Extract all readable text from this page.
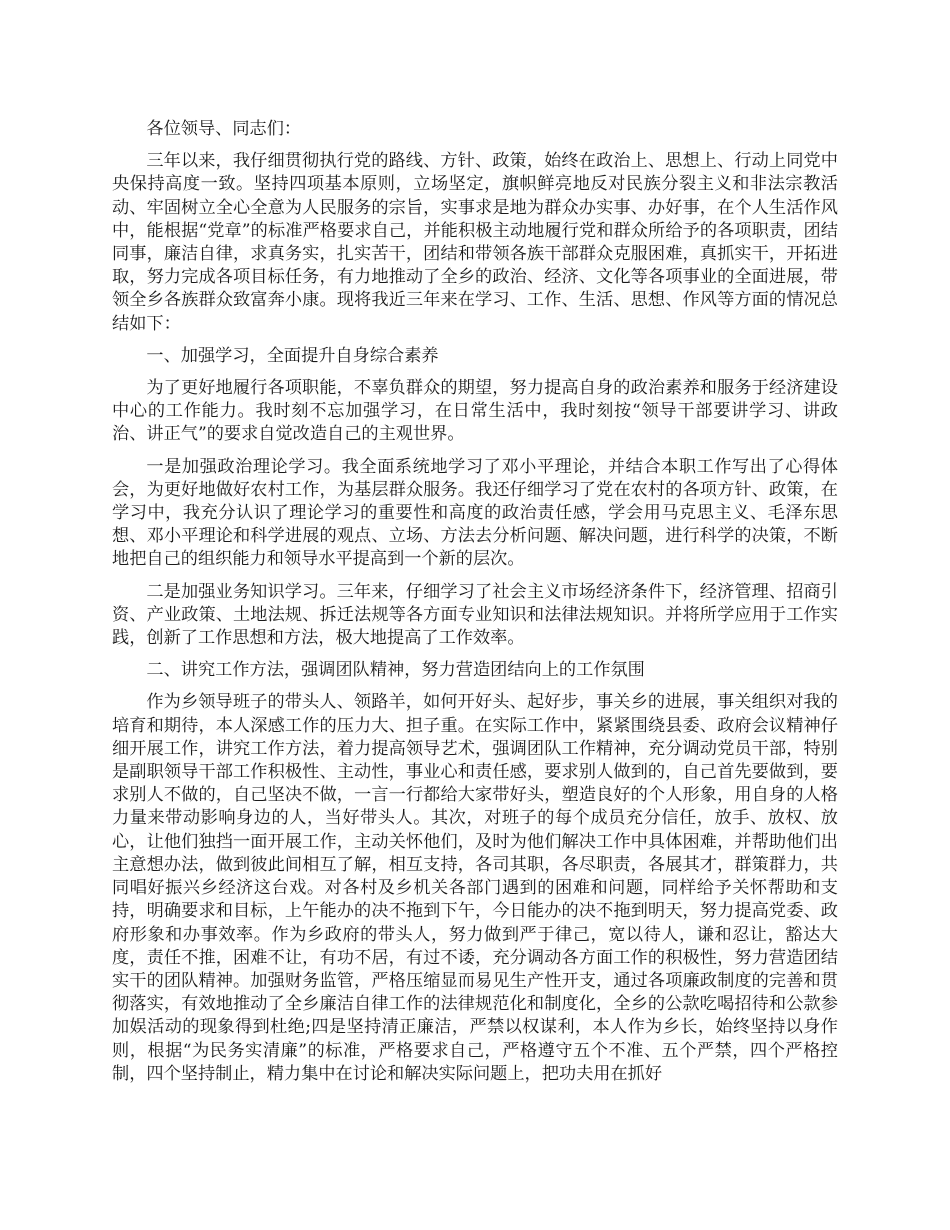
各位领导、同志们：

三年以来，我仔细贯彻执行党的路线、方针、政策，始终在政治上、思想上、行动上同党中央保持高度一致。坚持四项基本原则，立场坚定，旗帜鲜亮地反对民族分裂主义和非法宗教活动、牢固树立全心全意为人民服务的宗旨，实事求是地为群众办实事、办好事，在个人生活作风中，能根据“党章”的标准严格要求自己，并能积极主动地履行党和群众所给予的各项职责，团结同事，廉洁自律，求真务实，扎实苦干，团结和带领各族干部群众克服困难，真抓实干，开拓进取，努力完成各项目标任务，有力地推动了全乡的政治、经济、文化等各项事业的全面进展，带领全乡各族群众致富奔小康。现将我近三年来在学习、工作、生活、思想、作风等方面的情况总结如下：

一、加强学习，全面提升自身综合素养

为了更好地履行各项职能，不辜负群众的期望，努力提高自身的政治素养和服务于经济建设中心的工作能力。我时刻不忘加强学习，在日常生活中，我时刻按“领导干部要讲学习、讲政治、讲正气”的要求自觉改造自己的主观世界。

一是加强政治理论学习。我全面系统地学习了邓小平理论，并结合本职工作写出了心得体会，为更好地做好农村工作，为基层群众服务。我还仔细学习了党在农村的各项方针、政策，在学习中，我充分认识了理论学习的重要性和高度的政治责任感，学会用马克思主义、毛泽东思想、邓小平理论和科学进展的观点、立场、方法去分析问题、解决问题，进行科学的决策，不断地把自己的组织能力和领导水平提高到一个新的层次。

二是加强业务知识学习。三年来，仔细学习了社会主义市场经济条件下，经济管理、招商引资、产业政策、土地法规、拆迁法规等各方面专业知识和法律法规知识。并将所学应用于工作实践，创新了工作思想和方法，极大地提高了工作效率。

二、讲究工作方法，强调团队精神，努力营造团结向上的工作氛围

作为乡领导班子的带头人、领路羊，如何开好头、起好步，事关乡的进展，事关组织对我的培育和期待，本人深感工作的压力大、担子重。在实际工作中，紧紧围绕县委、政府会议精神仔细开展工作，讲究工作方法，着力提高领导艺术，强调团队工作精神，充分调动党员干部，特别是副职领导干部工作积极性、主动性，事业心和责任感，要求别人做到的，自己首先要做到，要求别人不做的，自己坚决不做，一言一行都给大家带好头，塑造良好的个人形象，用自身的人格力量来带动影响身边的人，当好带头人。其次，对班子的每个成员充分信任，放手、放权、放心，让他们独挡一面开展工作，主动关怀他们，及时为他们解决工作中具体困难，并帮助他们出主意想办法，做到彼此间相互了解，相互支持，各司其职，各尽职责，各展其才，群策群力，共同唱好振兴乡经济这台戏。对各村及乡机关各部门遇到的困难和问题，同样给予关怀帮助和支持，明确要求和目标，上午能办的决不拖到下午，今日能办的决不拖到明天，努力提高党委、政府形象和办事效率。作为乡政府的带头人，努力做到严于律己，宽以待人，谦和忍让，豁达大度，责任不推，困难不让，有功不居，有过不诿，充分调动各方面工作的积极性，努力营造团结实干的团队精神。加强财务监管，严格压缩显而易见生产性开支，通过各项廉政制度的完善和贯彻落实，有效地推动了全乡廉洁自律工作的法律规范化和制度化，全乡的公款吃喝招待和公款参加娱活动的现象得到杜绝;四是坚持清正廉洁，严禁以权谋利，本人作为乡长，始终坚持以身作则，根据“为民务实清廉”的标准，严格要求自己，严格遵守五个不准、五个严禁，四个严格控制，四个坚持制止，精力集中在讨论和解决实际问题上，把功夫用在抓好
